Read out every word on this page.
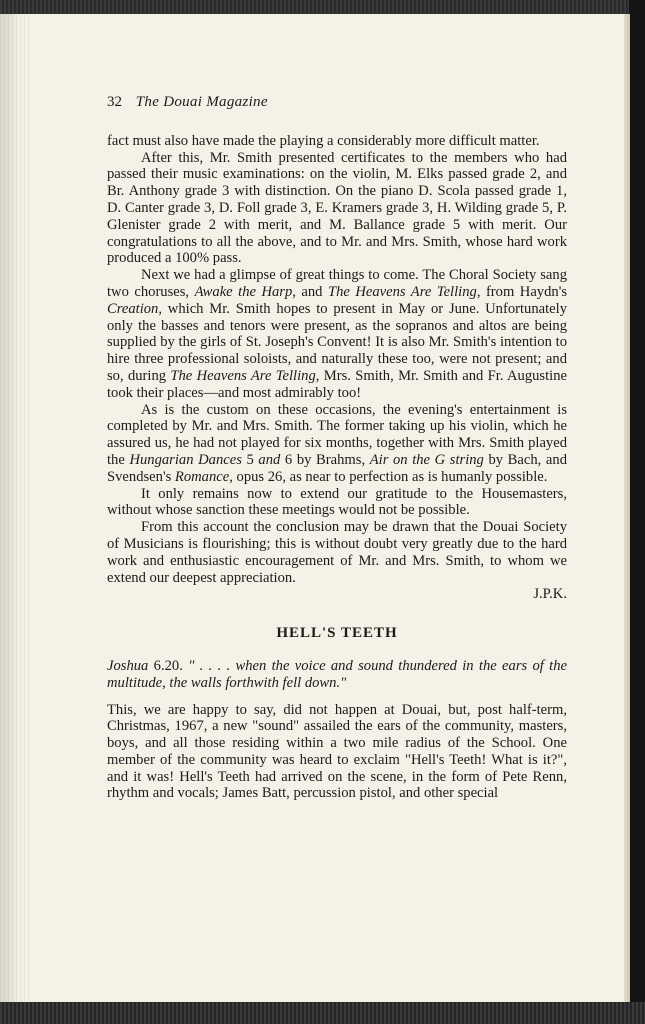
32 The Douai Magazine

fact must also have made the playing a considerably more difficult matter.

After this, Mr. Smith presented certificates to the members who had passed their music examinations: on the violin, M. Elks passed grade 2, and Br. Anthony grade 3 with distinction. On the piano D. Scola passed grade 1, D. Canter grade 3, D. Foll grade 3, E. Kramers grade 3, H. Wilding grade 5, P. Glenister grade 2 with merit, and M. Ballance grade 5 with merit. Our congratulations to all the above, and to Mr. and Mrs. Smith, whose hard work produced a 100% pass.

Next we had a glimpse of great things to come. The Choral Society sang two choruses, Awake the Harp, and The Heavens Are Telling, from Haydn's Creation, which Mr. Smith hopes to present in May or June. Unfortunately only the basses and tenors were present, as the sopranos and altos are being supplied by the girls of St. Joseph's Convent! It is also Mr. Smith's intention to hire three professional soloists, and naturally these too, were not present; and so, during The Heavens Are Telling, Mrs. Smith, Mr. Smith and Fr. Augustine took their places—and most admirably too!

As is the custom on these occasions, the evening's entertainment is completed by Mr. and Mrs. Smith. The former taking up his violin, which he assured us, he had not played for six months, together with Mrs. Smith played the Hungarian Dances 5 and 6 by Brahms, Air on the G string by Bach, and Svendsen's Romance, opus 26, as near to perfection as is humanly possible.

It only remains now to extend our gratitude to the Housemasters, without whose sanction these meetings would not be possible.

From this account the conclusion may be drawn that the Douai Society of Musicians is flourishing; this is without doubt very greatly due to the hard work and enthusiastic encouragement of Mr. and Mrs. Smith, to whom we extend our deepest appreciation.

J.P.K.
HELL'S TEETH

Joshua 6.20. " . . . . when the voice and sound thundered in the ears of the multitude, the walls forthwith fell down."

This, we are happy to say, did not happen at Douai, but, post half-term, Christmas, 1967, a new "sound" assailed the ears of the community, masters, boys, and all those residing within a two mile radius of the School. One member of the community was heard to exclaim "Hell's Teeth! What is it?", and it was! Hell's Teeth had arrived on the scene, in the form of Pete Renn, rhythm and vocals; James Batt, percussion pistol, and other special
